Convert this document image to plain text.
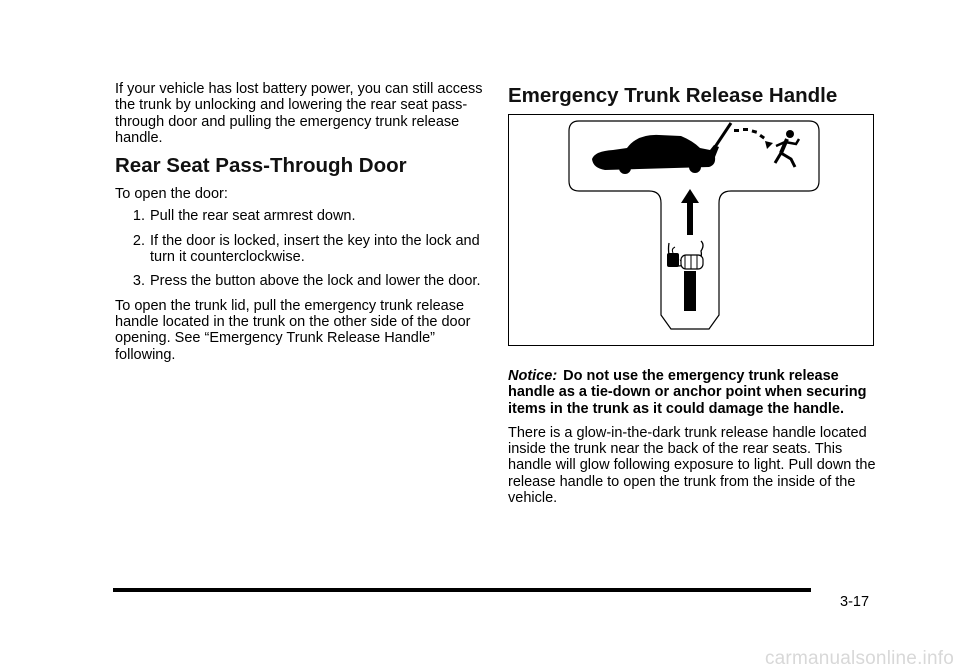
If your vehicle has lost battery power, you can still access the trunk by unlocking and lowering the rear seat pass-through door and pulling the emergency trunk release handle.

Rear Seat Pass-Through Door

To open the door:

1. Pull the rear seat armrest down.
2. If the door is locked, insert the key into the lock and turn it counterclockwise.
3. Press the button above the lock and lower the door.

To open the trunk lid, pull the emergency trunk release handle located in the trunk on the other side of the door opening. See “Emergency Trunk Release Handle” following.

Emergency Trunk Release Handle

Notice: Do not use the emergency trunk release handle as a tie-down or anchor point when securing items in the trunk as it could damage the handle.

There is a glow-in-the-dark trunk release handle located inside the trunk near the back of the rear seats. This handle will glow following exposure to light. Pull down the release handle to open the trunk from the inside of the vehicle.

3-17
carmanualsonline.info
